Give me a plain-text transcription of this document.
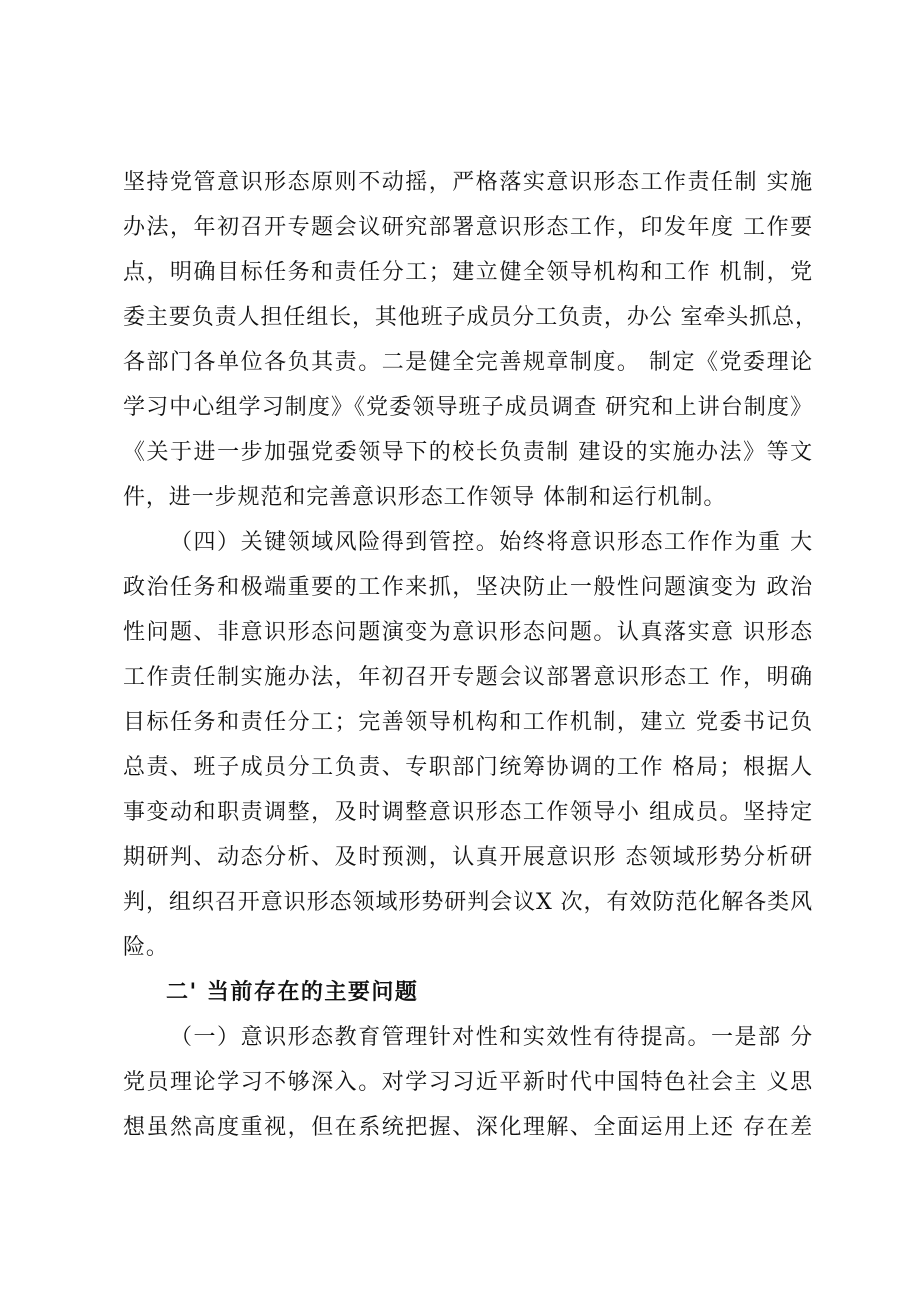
坚持党管意识形态原则不动摇，严格落实意识形态工作责任制 实施
办法，年初召开专题会议研究部署意识形态工作，印发年度 工作要
点，明确目标任务和责任分工；建立健全领导机构和工作 机制，党
委主要负责人担任组长，其他班子成员分工负责，办公 室牵头抓总，
各部门各单位各负其责。二是健全完善规章制度。 制定《党委理论
学习中心组学习制度》《党委领导班子成员调查 研究和上讲台制度》
《关于进一步加强党委领导下的校长负责制 建设的实施办法》等文
件，进一步规范和完善意识形态工作领导 体制和运行机制。
（四）关键领域风险得到管控。始终将意识形态工作作为重 大
政治任务和极端重要的工作来抓，坚决防止一般性问题演变为 政治
性问题、非意识形态问题演变为意识形态问题。认真落实意 识形态
工作责任制实施办法，年初召开专题会议部署意识形态工 作，明确
目标任务和责任分工；完善领导机构和工作机制，建立 党委书记负
总责、班子成员分工负责、专职部门统筹协调的工作 格局；根据人
事变动和职责调整，及时调整意识形态工作领导小 组成员。坚持定
期研判、动态分析、及时预测，认真开展意识形 态领域形势分析研
判，组织召开意识形态领域形势研判会议X 次，有效防范化解各类风
险。
二' 当前存在的主要问题
（一）意识形态教育管理针对性和实效性有待提高。一是部 分
党员理论学习不够深入。对学习习近平新时代中国特色社会主 义思
想虽然高度重视，但在系统把握、深化理解、全面运用上还 存在差
